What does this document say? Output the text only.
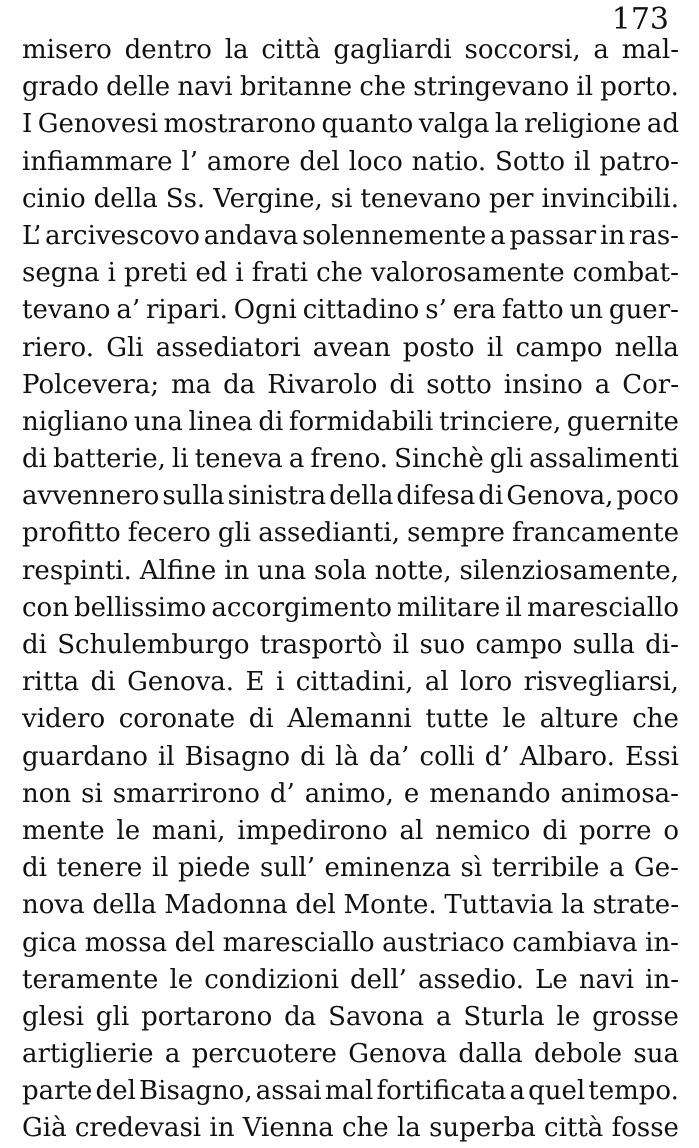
173
misero dentro la città gagliardi soccorsi, a mal-
grado delle navi britanne che stringevano il porto.
I Genovesi mostrarono quanto valga la religione ad
infiammare l’ amore del loco natio. Sotto il patro-
cinio della Ss. Vergine, si tenevano per invincibili.
L’ arcivescovo andava solennemente a passar in ras-
segna i preti ed i frati che valorosamente combat-
tevano a’ ripari. Ogni cittadino s’ era fatto un guer-
riero. Gli assediatori avean posto il campo nella
Polcevera; ma da Rivarolo di sotto insino a Cor-
nigliano una linea di formidabili trinciere, guernite
di batterie, li teneva a freno. Sinchè gli assalimenti
avvennero sulla sinistra della difesa di Genova, poco
profitto fecero gli assedianti, sempre francamente
respinti. Alfine in una sola notte, silenziosamente,
con bellissimo accorgimento militare il maresciallo
di Schulemburgo trasportò il suo campo sulla di-
ritta di Genova. E i cittadini, al loro risvegliarsi,
videro coronate di Alemanni tutte le alture che
guardano il Bisagno di là da’ colli d’ Albaro. Essi
non si smarrirono d’ animo, e menando animosa-
mente le mani, impedirono al nemico di porre o
di tenere il piede sull’ eminenza sì terribile a Ge-
nova della Madonna del Monte. Tuttavia la strate-
gica mossa del maresciallo austriaco cambiava in-
teramente le condizioni dell’ assedio. Le navi in-
glesi gli portarono da Savona a Sturla le grosse
artiglierie a percuotere Genova dalla debole sua
parte del Bisagno, assai mal fortificata a quel tempo.
Già credevasi in Vienna che la superba città fosse
